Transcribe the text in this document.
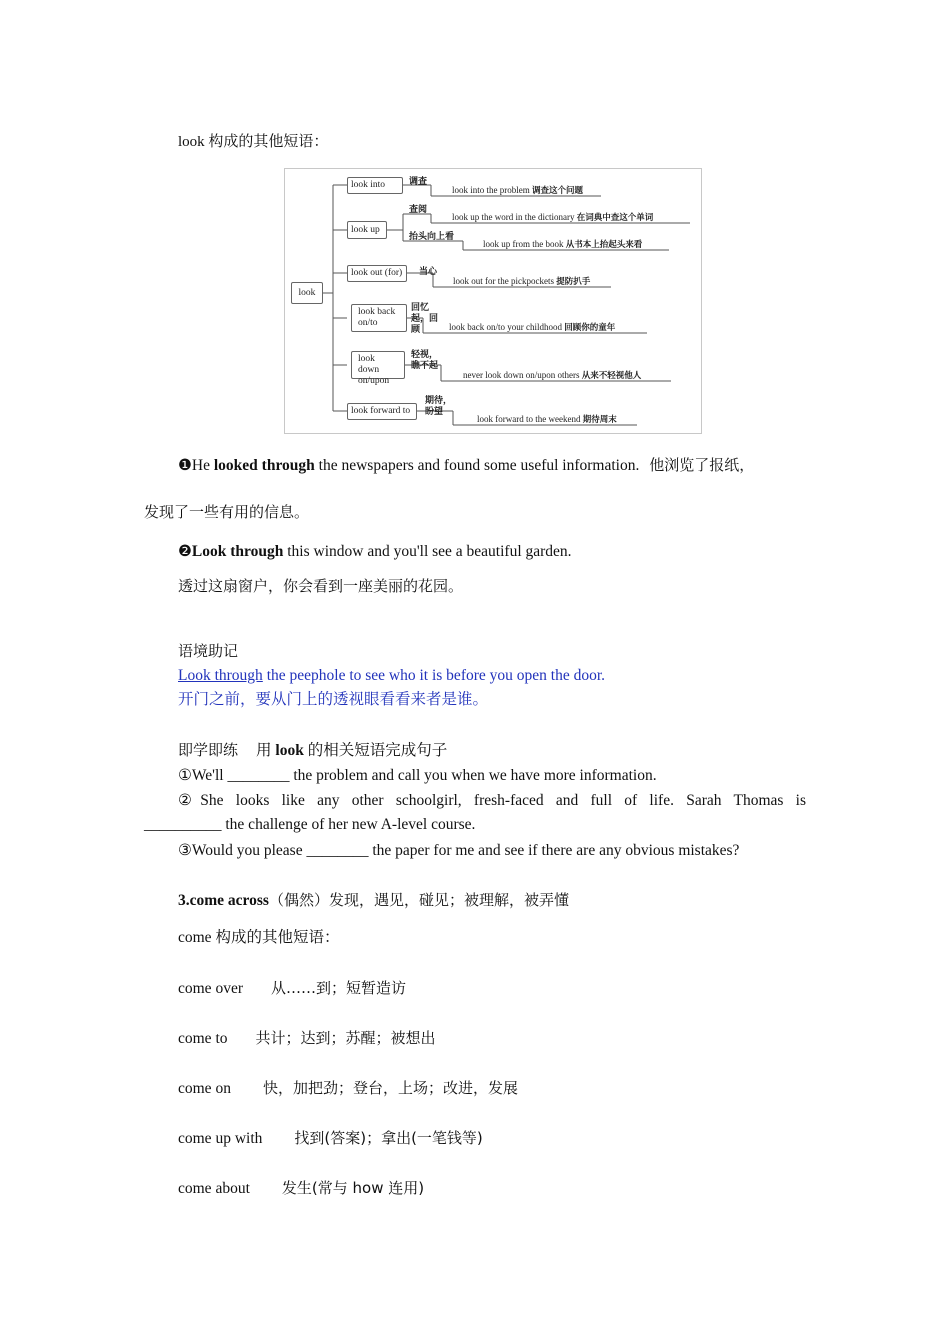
look 构成的其他短语：
look
look into
look up
look out (for)
look back on/to
look down on/upon
look forward to
调查
查阅
抬头向上看
当心
回忆起，回顾
轻视，瞧不起
期待，盼望
look into the problem 调查这个问题
look up the word in the dictionary 在词典中查这个单词
look up from the book 从书本上抬起头来看
look out for the pickpockets 提防扒手
look back on/to your childhood 回顾你的童年
never look down on/upon others 从来不轻视他人
look forward to the weekend 期待周末
❶He looked through the newspapers and found some useful information. 他浏览了报纸，
发现了一些有用的信息。
❷Look through this window and you'll see a beautiful garden.
透过这扇窗户，你会看到一座美丽的花园。
语境助记
Look through the peephole to see who it is before you open the door.
开门之前，要从门上的透视眼看看来者是谁。
即学即练 用 look 的相关短语完成句子
①We'll ________ the problem and call you when we have more information.
②She looks like any other schoolgirl, fresh-faced and full of life. Sarah Thomas is
__________ the challenge of her new A-level course.
③Would you please ________ the paper for me and see if there are any obvious mistakes?
3.come across（偶然）发现，遇见，碰见；被理解，被弄懂
come 构成的其他短语：
come over 从……到；短暂造访
come to 共计；达到；苏醒；被想出
come on 快，加把劲；登台，上场；改进，发展
come up with 找到(答案)；拿出(一笔钱等)
come about 发生(常与 how 连用)
